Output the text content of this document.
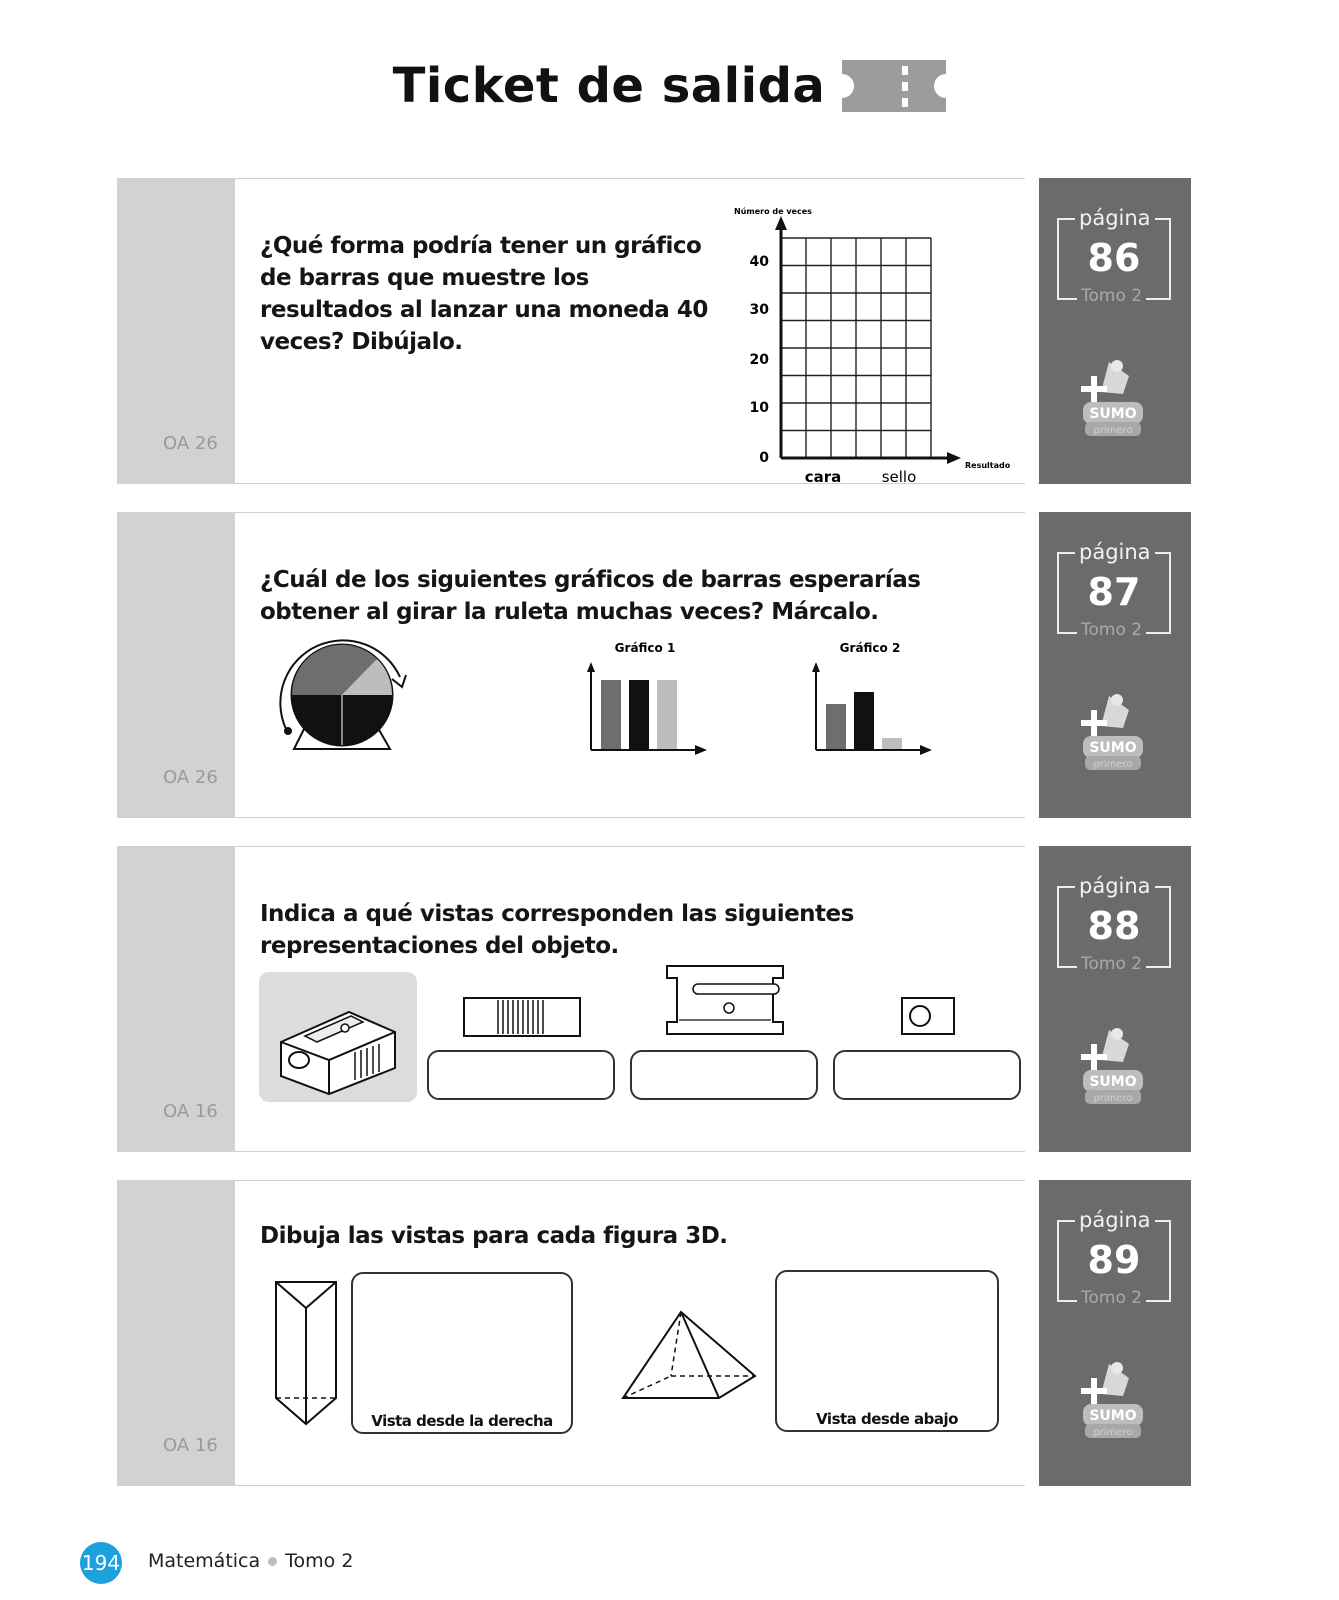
Ticket de salida
OA 26
página
86
Tomo 2
SUMO
primero
¿Qué forma podría tener un gráfico de barras que muestre los resultados al lanzar una moneda 40 veces? Dibújalo.
Número de veces
40
30
20
10
0
cara	sello
Resultado
OA 26
página
87
Tomo 2
SUMO
primero
¿Cuál de los siguientes gráficos de barras esperarías obtener al girar la ruleta muchas veces? Márcalo.
Gráfico 1	Gráfico 2
OA 16
página
88
Tomo 2
SUMO
primero
Indica a qué vistas corresponden las siguientes representaciones del objeto.
OA 16
página
89
Tomo 2
SUMO
primero
Dibuja las vistas para cada figura 3D.
Vista desde la derecha	Vista desde abajo
194 Matemática Tomo 2
